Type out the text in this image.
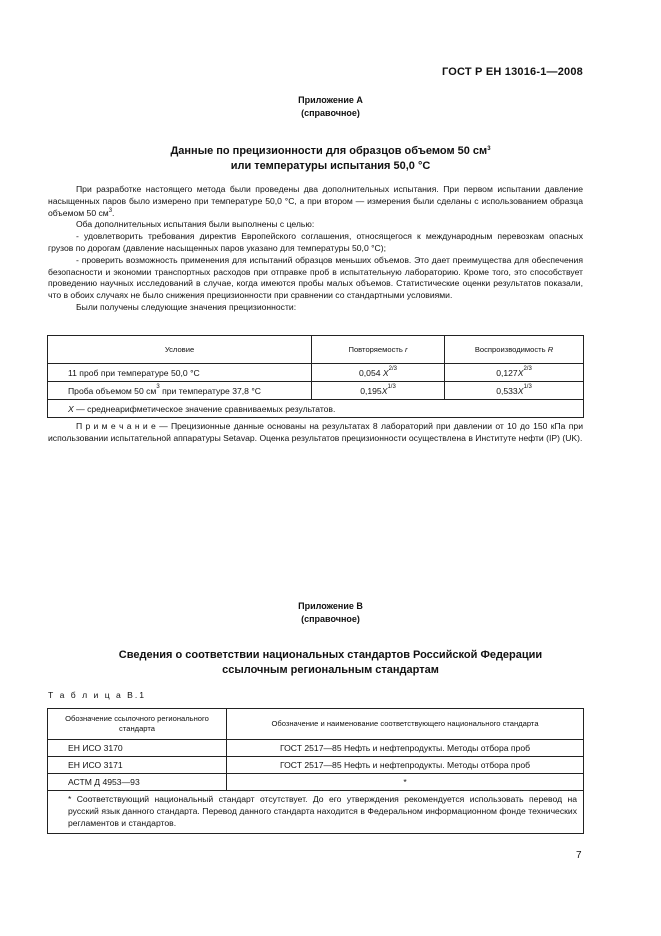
ГОСТ Р ЕН 13016-1—2008
Приложение А
(справочное)
Данные по прецизионности для образцов объемом 50 $см^3$
или температуры испытания 50,0 °С

При разработке настоящего метода были проведены два дополнительных испытания. При первом испытании давление насыщенных паров было измерено при температуре 50,0 °С, а при втором — измерения были сделаны с использованием образца объемом 50 $см^3$.

Оба дополнительных испытания были выполнены с целью:

- удовлетворить требования директив Европейского соглашения, относящегося к международным перевозкам опасных грузов по дорогам (давление насыщенных паров указано для температуры 50,0 °С);

- проверить возможность применения для испытаний образцов меньших объемов. Это дает преимущества для обеспечения безопасности и экономии транспортных расходов при отправке проб в испытательную лабораторию. Кроме того, это способствует проведению научных исследований в случае, когда имеются пробы малых объемов. Статистические оценки результатов показали, что в обоих случаях не было снижения прецизионности при сравнении со стандартными условиями.

Были получены следующие значения прецизионности:

Условие	Повторяемость r	Воспроизводимость R
11 проб при температуре 50,0 °С	0,054 $X^{2/3}$	$0,127X^{2/3}$
Проба объемом 50 $см^3$ при температуре 37,8 °С	$0,195X^{1/3}$	$0,533X^{1/3}$
X — среднеарифметическое значение сравниваемых результатов.		

П р и м е ч а н и е — Прецизионные данные основаны на результатах 8 лабораторий при давлении от 10 до 150 кПа при использовании испытательной аппаратуры Setavap. Оценка результатов прецизионности осуществлена в Институте нефти (IP) (UK).

Приложение В
(справочное)
Сведения о соответствии национальных стандартов Российской Федерации
ссылочным региональным стандартам
Т а б л и ц а В.1
Обозначение ссылочного регионального стандарта	Обозначение и наименование соответствующего национального стандарта
ЕН ИСО 3170	ГОСТ 2517—85 Нефть и нефтепродукты. Методы отбора проб
ЕН ИСО 3171	ГОСТ 2517—85 Нефть и нефтепродукты. Методы отбора проб
АСТМ Д 4953—93	*
* Соответствующий национальный стандарт отсутствует. До его утверждения рекомендуется использовать перевод на русский язык данного стандарта. Перевод данного стандарта находится в Федеральном информационном фонде технических регламентов и стандартов.	
7
